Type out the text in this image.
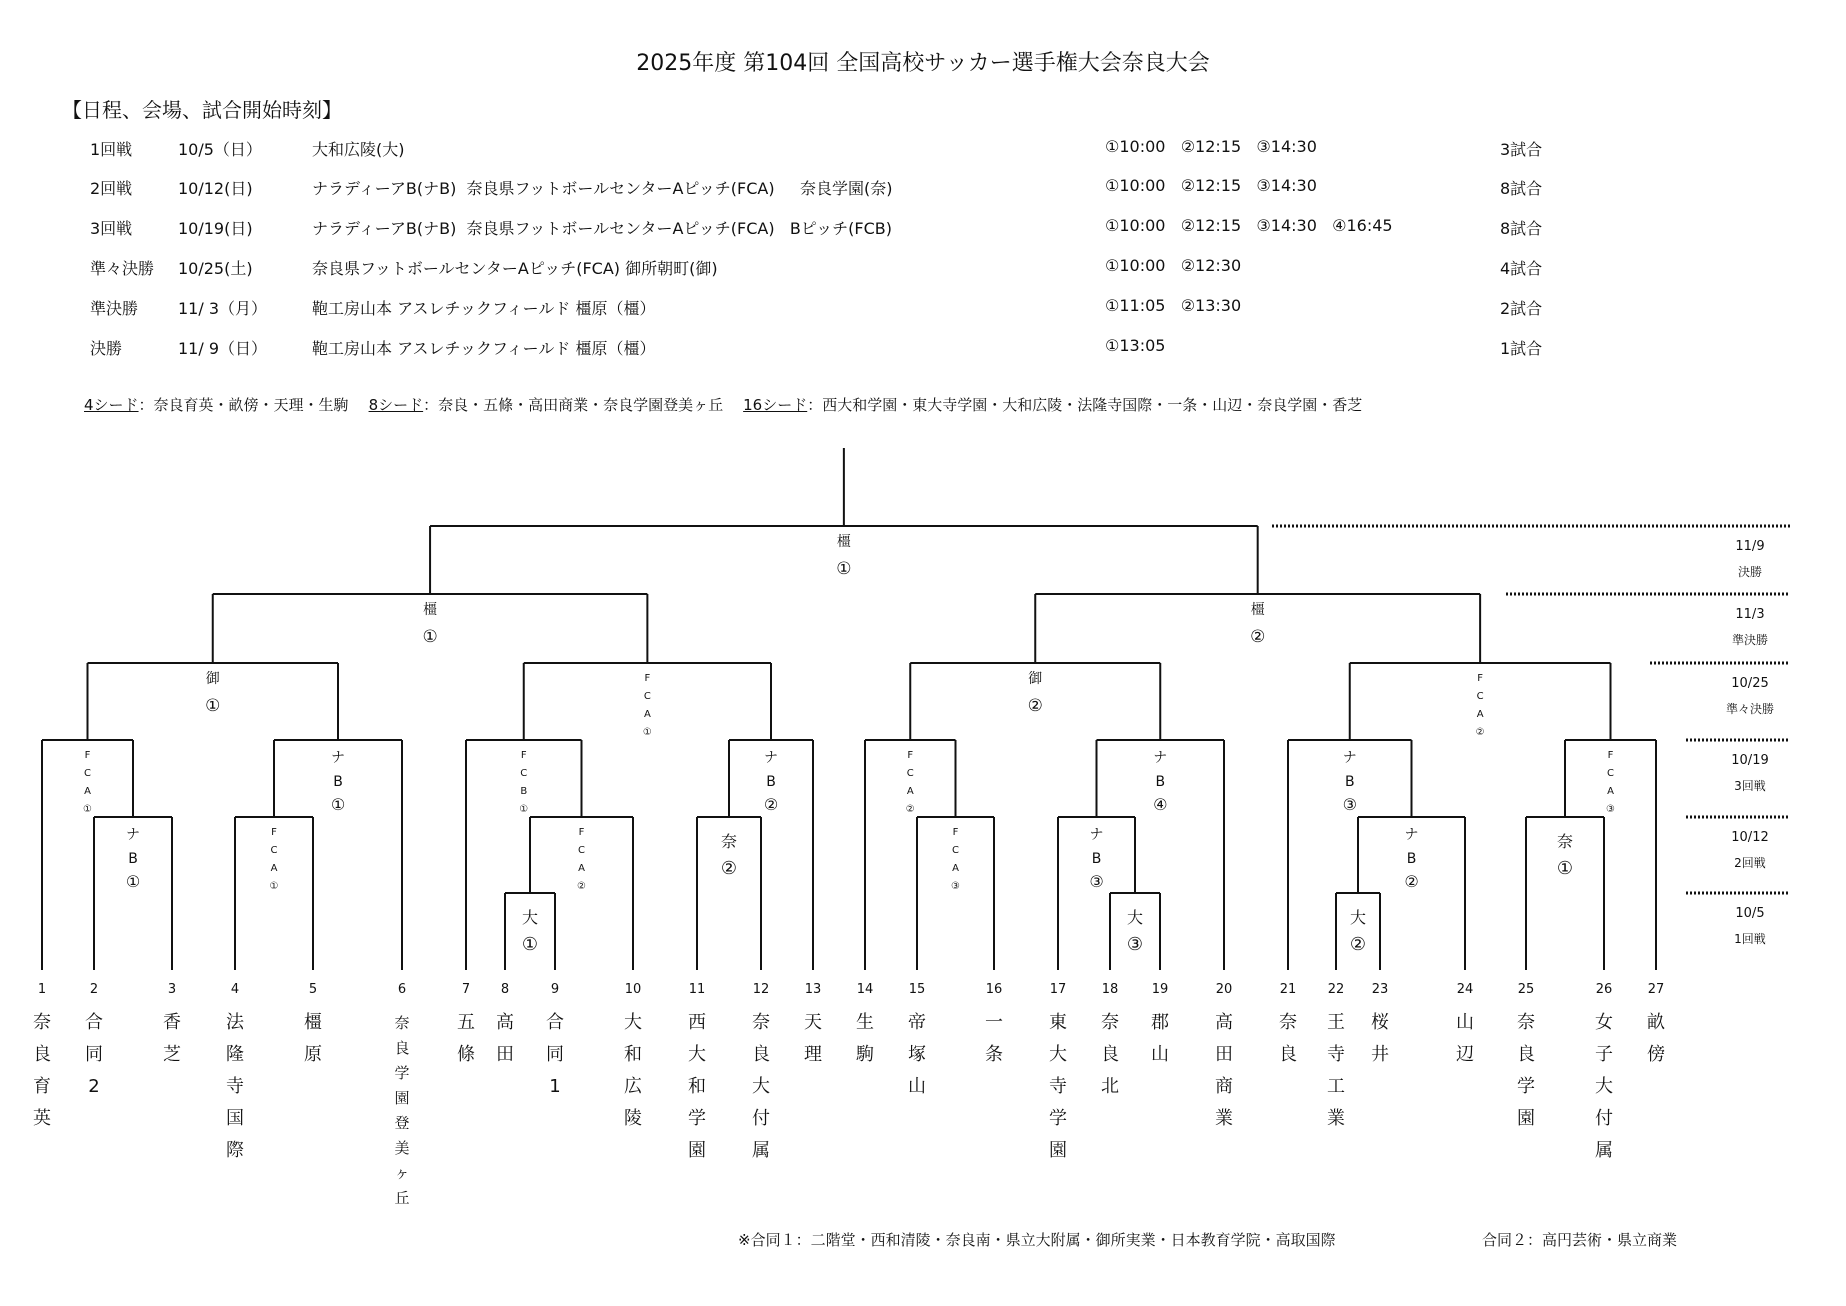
2025年度 第104回 全国高校サッカー選手権大会奈良大会
【日程、会場、試合開始時刻】
1回戦	10/5（日）	大和広陵(大)	①10:00   ②12:15   ③14:30	3試合
2回戦	10/12(日)	ナラディーアB(ナB)  奈良県フットボールセンターAピッチ(FCA)     奈良学園(奈)	①10:00   ②12:15   ③14:30	8試合
3回戦	10/19(日)	ナラディーアB(ナB)  奈良県フットボールセンターAピッチ(FCA)   Bピッチ(FCB)	①10:00   ②12:15   ③14:30   ④16:45	8試合
準々決勝 10/25(土)	奈良県フットボールセンターAピッチ(FCA) 御所朝町(御)	①10:00   ②12:30	4試合
準決勝 11/ 3（月）	鞄工房山本 アスレチックフィールド 橿原（橿）	①11:05   ②13:30	2試合
決勝	11/ 9（日）	鞄工房山本 アスレチックフィールド 橿原（橿）	①13:05	1試合
4シード：奈良育英・畝傍・天理・生駒 8シード：奈良・五條・高田商業・奈良学園登美ヶ丘 16シード：西大和学園・東大寺学園・大和広陵・法隆寺国際・一条・山辺・奈良学園・香芝
大
①
大
③
大
②
ナ
B
①
F
C
A
①
F
C
A
②
奈
②
F
C
A
③
ナ
B
③
ナ
B
②
奈
①
F
C
A
①
ナ
B
①
F
C
B
①
ナ
B
②
F
C
A
②
ナ
B
④
ナ
B
③
F
C
A
③
御
①
F
C
A
①
御
②
F
C
A
②
橿
①
橿
②
橿
①
1
奈
良
育
英
2
合
同
2
3
香
芝
4
法
隆
寺
国
際
5
橿
原
6
奈
良
学
園
登
美
ヶ
丘
7
五
條
8
高
田
9
合
同
1
10
大
和
広
陵
11
西
大
和
学
園
12
奈
良
大
付
属
13
天
理
14
生
駒
15
帝
塚
山
16
一
条
17
東
大
寺
学
園
18
奈
良
北
19
郡
山
20
高
田
商
業
21
奈
良
22
王
寺
工
業
23
桜
井
24
山
辺
25
奈
良
学
園
26
女
子
大
付
属
27
畝
傍
11/9
決勝
11/3
準決勝
10/25
準々決勝
10/19
3回戦
10/12
2回戦
10/5
1回戦
※合同１：二階堂・西和清陵・奈良南・県立大附属・御所実業・日本教育学院・高取国際	合同２：高円芸術・県立商業
